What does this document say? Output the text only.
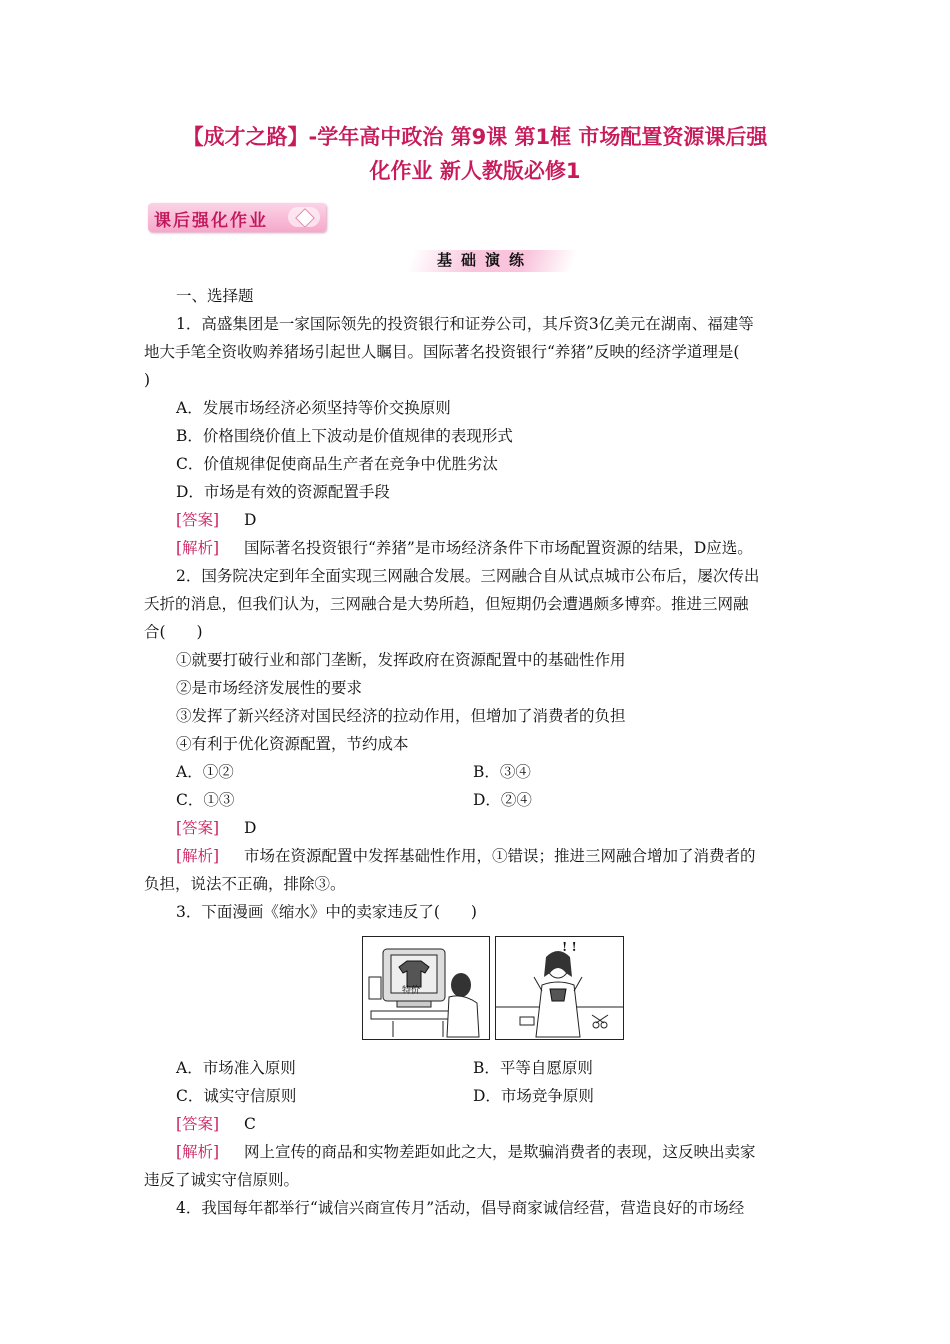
【成才之路】-学年高中政治 第9课 第1框 市场配置资源课后强
化作业 新人教版必修1
课后强化作业
基础演练
一、选择题
1．高盛集团是一家国际领先的投资银行和证券公司，其斥资3亿美元在湖南、福建等
地大手笔全资收购养猪场引起世人瞩目。国际著名投资银行“养猪”反映的经济学道理是(
)
A．发展市场经济必须坚持等价交换原则
B．价格围绕价值上下波动是价值规律的表现形式
C．价值规律促使商品生产者在竞争中优胜劣汰
D．市场是有效的资源配置手段
[答案] D
[解析] 国际著名投资银行“养猪”是市场经济条件下市场配置资源的结果，D应选。
2．国务院决定到年全面实现三网融合发展。三网融合自从试点城市公布后，屡次传出
夭折的消息，但我们认为，三网融合是大势所趋，但短期仍会遭遇颇多博弈。推进三网融
合(　　)
①就要打破行业和部门垄断，发挥政府在资源配置中的基础性作用
②是市场经济发展性的要求
③发挥了新兴经济对国民经济的拉动作用，但增加了消费者的负担
④有利于优化资源配置，节约成本
A．①②	B．③④
C．①③	D．②④
[答案] D
[解析] 市场在资源配置中发挥基础性作用，①错误；推进三网融合增加了消费者的
负担，说法不正确，排除③。
3．下面漫画《缩水》中的卖家违反了(　　)
特价
! !
A．市场准入原则	B．平等自愿原则
C．诚实守信原则	D．市场竞争原则
[答案] C
[解析] 网上宣传的商品和实物差距如此之大，是欺骗消费者的表现，这反映出卖家
违反了诚实守信原则。
4．我国每年都举行“诚信兴商宣传月”活动，倡导商家诚信经营，营造良好的市场经
